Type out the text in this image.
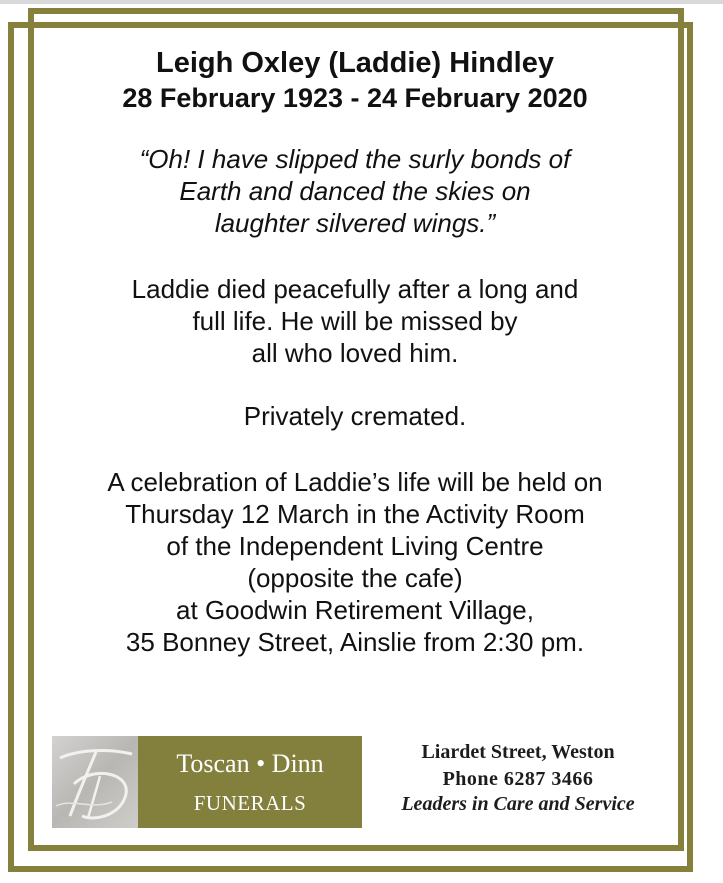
Leigh Oxley (Laddie) Hindley

28 February 1923 - 24 February 2020

“Oh! I have slipped the surly bonds of
Earth and danced the skies on
laughter silvered wings.”

Laddie died peacefully after a long and
full life. He will be missed by
all who loved him.

Privately cremated.

A celebration of Laddie’s life will be held on
Thursday 12 March in the Activity Room
of the Independent Living Centre
(opposite the cafe)
at Goodwin Retirement Village,
35 Bonney Street, Ainslie from 2:30 pm.

Toscan • Dinn
FUNERALS
Liardet Street, Weston
Phone 6287 3466
Leaders in Care and Service
